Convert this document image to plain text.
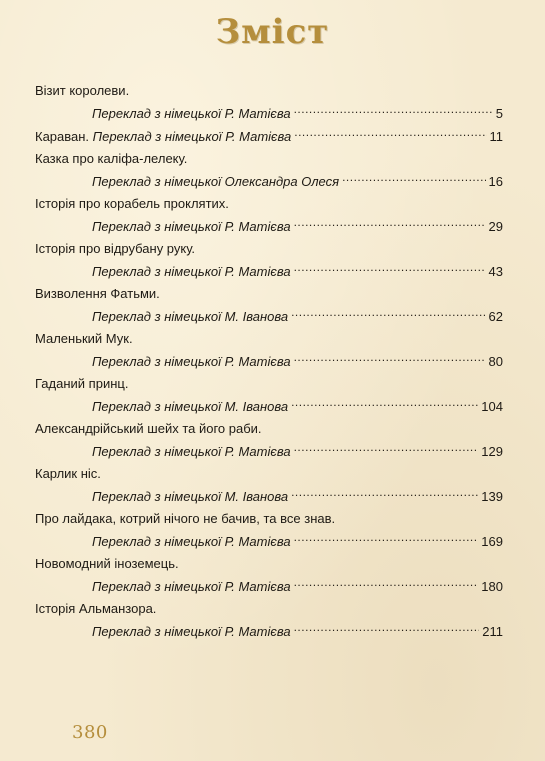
Зміст
Візит королеви.
Переклад з німецької Р. Матієва .....	5
Караван.
Переклад з німецької Р. Матієва .....	11
Казка про каліфа-лелеку.
Переклад з німецької Олександра Олеся .....	16
Історія про корабель проклятих.
Переклад з німецької Р. Матієва .....	29
Історія про відрубану руку.
Переклад з німецької Р. Матієва .....	43
Визволення Фатьми.
Переклад з німецької М. Іванова .....	62
Маленький Мук.
Переклад з німецької Р. Матієва .....	80
Гаданий принц.
Переклад з німецької М. Іванова .....	104
Александрійський шейх та його раби.
Переклад з німецької Р. Матієва .....	129
Карлик ніс.
Переклад з німецької М. Іванова .....	139
Про лайдака, котрий нічого не бачив, та все знав.
Переклад з німецької Р. Матієва .....	169
Новомодний іноземець.
Переклад з німецької Р. Матієва .....	180
Історія Альманзора.
Переклад з німецької Р. Матієва .....	211
380
